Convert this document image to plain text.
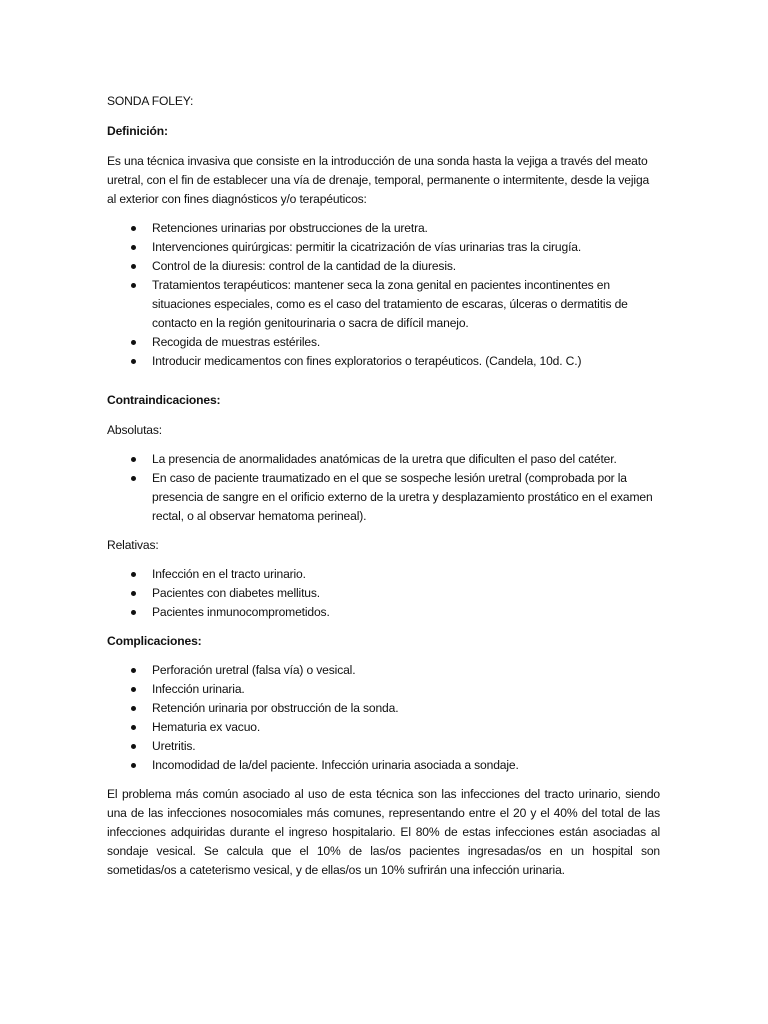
SONDA FOLEY:

Definición:

Es una técnica invasiva que consiste en la introducción de una sonda hasta la vejiga a través del meato uretral, con el fin de establecer una vía de drenaje, temporal, permanente o intermitente, desde la vejiga al exterior con fines diagnósticos y/o terapéuticos:

Retenciones urinarias por obstrucciones de la uretra.
Intervenciones quirúrgicas: permitir la cicatrización de vías urinarias tras la cirugía.
Control de la diuresis: control de la cantidad de la diuresis.
Tratamientos terapéuticos: mantener seca la zona genital en pacientes incontinentes en situaciones especiales, como es el caso del tratamiento de escaras, úlceras o dermatitis de contacto en la región genitourinaria o sacra de difícil manejo.
Recogida de muestras estériles.
Introducir medicamentos con fines exploratorios o terapéuticos. (Candela, 10d. C.)

Contraindicaciones:

Absolutas:

La presencia de anormalidades anatómicas de la uretra que dificulten el paso del catéter.
En caso de paciente traumatizado en el que se sospeche lesión uretral (comprobada por la presencia de sangre en el orificio externo de la uretra y desplazamiento prostático en el examen rectal, o al observar hematoma perineal).

Relativas:

Infección en el tracto urinario.
Pacientes con diabetes mellitus.
Pacientes inmunocomprometidos.

Complicaciones:

Perforación uretral (falsa vía) o vesical.
Infección urinaria.
Retención urinaria por obstrucción de la sonda.
Hematuria ex vacuo.
Uretritis.
Incomodidad de la/del paciente. Infección urinaria asociada a sondaje.

El problema más común asociado al uso de esta técnica son las infecciones del tracto urinario, siendo una de las infecciones nosocomiales más comunes, representando entre el 20 y el 40% del total de las infecciones adquiridas durante el ingreso hospitalario. El 80% de estas infecciones están asociadas al sondaje vesical. Se calcula que el 10% de las/os pacientes ingresadas/os en un hospital son sometidas/os a cateterismo vesical, y de ellas/os un 10% sufrirán una infección urinaria.
